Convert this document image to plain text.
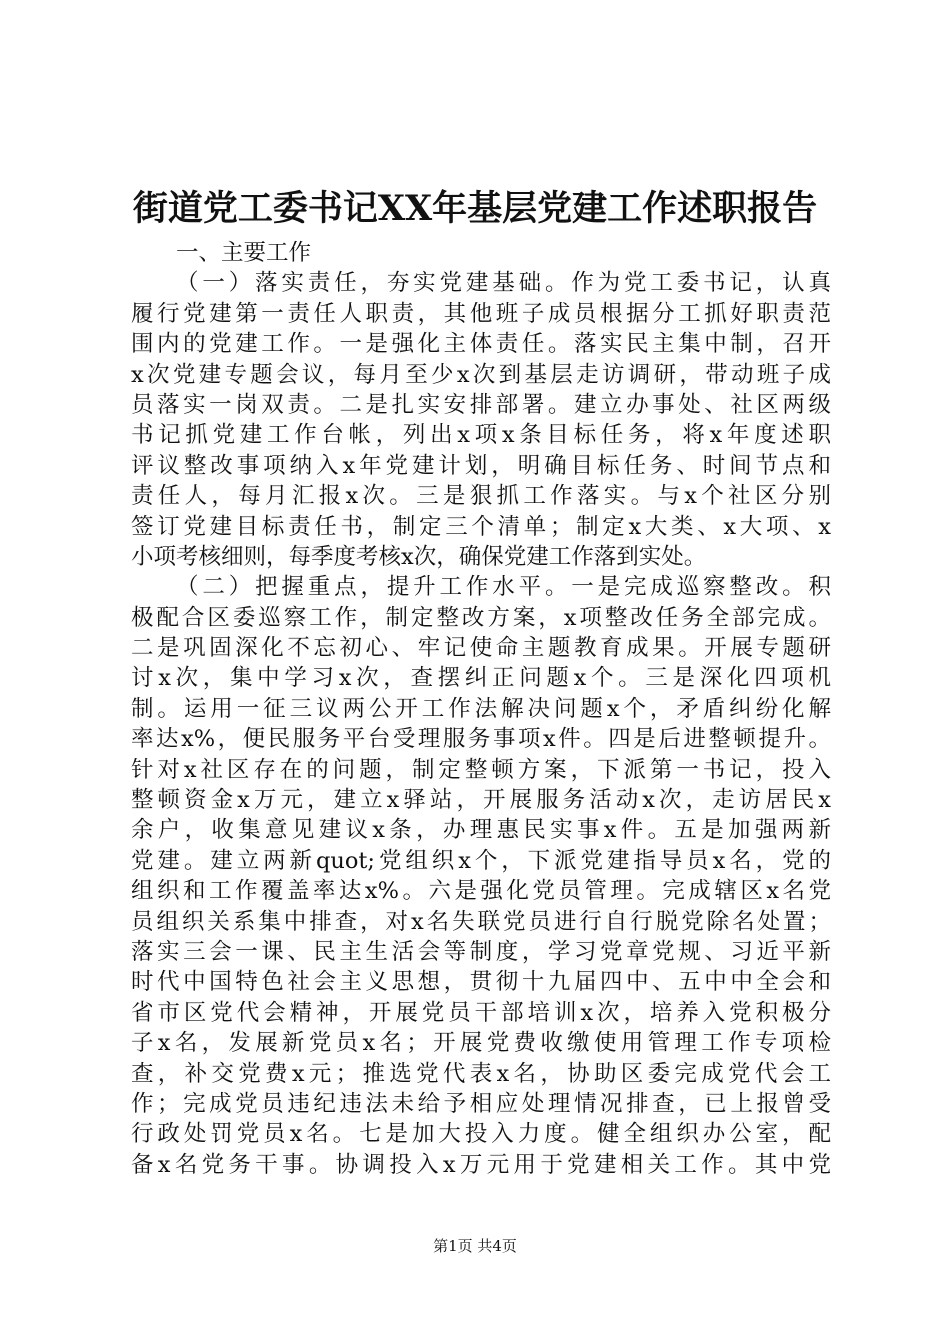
街道党工委书记XX年基层党建工作述职报告
一、主要工作
（一）落实责任，夯实党建基础。作为党工委书记，认真
履行党建第一责任人职责，其他班子成员根据分工抓好职责范
围内的党建工作。一是强化主体责任。落实民主集中制，召开
x次党建专题会议，每月至少x次到基层走访调研，带动班子成
员落实一岗双责。二是扎实安排部署。建立办事处、社区两级
书记抓党建工作台帐，列出x项x条目标任务，将x年度述职
评议整改事项纳入x年党建计划，明确目标任务、时间节点和
责任人，每月汇报x次。三是狠抓工作落实。与x个社区分别
签订党建目标责任书，制定三个清单；制定x大类、x大项、x
小项考核细则，每季度考核x次，确保党建工作落到实处。
（二）把握重点，提升工作水平。一是完成巡察整改。积
极配合区委巡察工作，制定整改方案，x项整改任务全部完成。
二是巩固深化不忘初心、牢记使命主题教育成果。开展专题研
讨x次，集中学习x次，查摆纠正问题x个。三是深化四项机
制。运用一征三议两公开工作法解决问题x个，矛盾纠纷化解
率达x%，便民服务平台受理服务事项x件。四是后进整顿提升。
针对x社区存在的问题，制定整顿方案，下派第一书记，投入
整顿资金x万元，建立x驿站，开展服务活动x次，走访居民x
余户，收集意见建议x条，办理惠民实事x件。五是加强两新
党建。建立两新quot;党组织x个，下派党建指导员x名，党的
组织和工作覆盖率达x%。六是强化党员管理。完成辖区x名党
员组织关系集中排查，对x名失联党员进行自行脱党除名处置；
落实三会一课、民主生活会等制度，学习党章党规、习近平新
时代中国特色社会主义思想，贯彻十九届四中、五中中全会和
省市区党代会精神，开展党员干部培训x次，培养入党积极分
子x名，发展新党员x名；开展党费收缴使用管理工作专项检
查，补交党费x元；推选党代表x名，协助区委完成党代会工
作；完成党员违纪违法未给予相应处理情况排查，已上报曾受
行政处罚党员x名。七是加大投入力度。健全组织办公室，配
备x名党务干事。协调投入x万元用于党建相关工作。其中党
第1页 共4页
